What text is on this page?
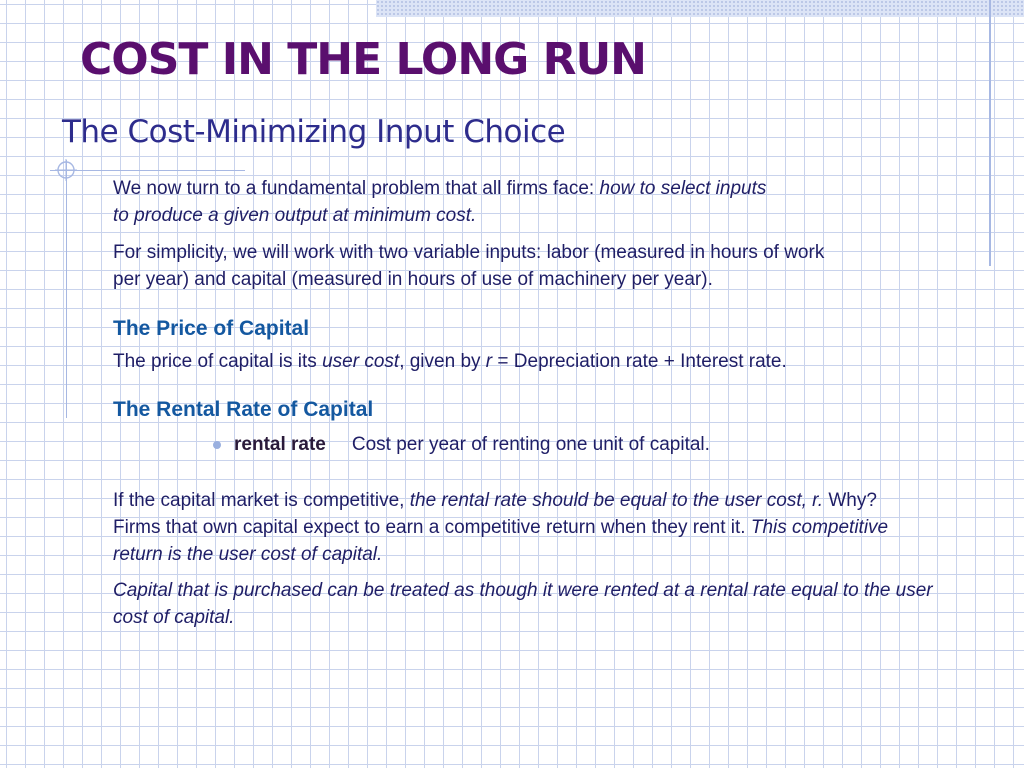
COST IN THE LONG RUN
The Cost-Minimizing Input Choice

We now turn to a fundamental problem that all firms face: how to select inputs to produce a given output at minimum cost.

For simplicity, we will work with two variable inputs: labor (measured in hours of work per year) and capital (measured in hours of use of machinery per year).

The Price of Capital

The price of capital is its user cost, given by r = Depreciation rate + Interest rate.

The Rental Rate of Capital
rental rate Cost per year of renting one unit of capital.

If the capital market is competitive, the rental rate should be equal to the user cost, r. Why? Firms that own capital expect to earn a competitive return when they rent it. This competitive return is the user cost of capital.

Capital that is purchased can be treated as though it were rented at a rental rate equal to the user cost of capital.
